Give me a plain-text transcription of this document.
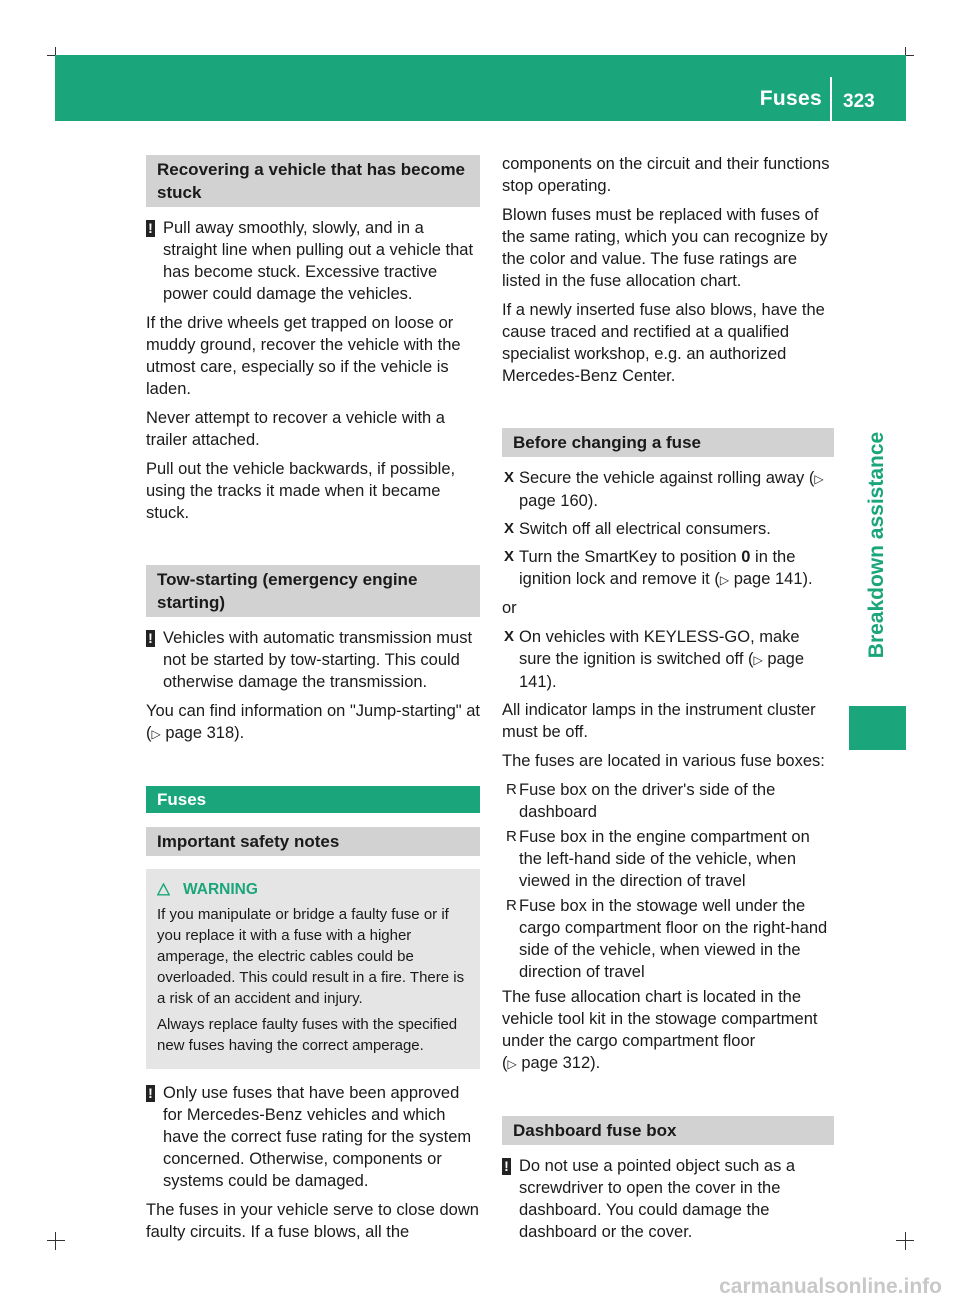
Fuses 323
Breakdown assistance
Recovering a vehicle that has become stuck
! Pull away smoothly, slowly, and in a straight line when pulling out a vehicle that has become stuck. Excessive tractive power could damage the vehicles.

If the drive wheels get trapped on loose or muddy ground, recover the vehicle with the utmost care, especially so if the vehicle is laden.

Never attempt to recover a vehicle with a trailer attached.

Pull out the vehicle backwards, if possible, using the tracks it made when it became stuck.

Tow-starting (emergency engine starting)
! Vehicles with automatic transmission must not be started by tow-starting. This could otherwise damage the transmission.

You can find information on "Jump-starting" at (▷ page 318).

Fuses
Important safety notes
WARNING

If you manipulate or bridge a faulty fuse or if you replace it with a fuse with a higher amperage, the electric cables could be overloaded. This could result in a fire. There is a risk of an accident and injury.

Always replace faulty fuses with the specified new fuses having the correct amperage.

! Only use fuses that have been approved for Mercedes-Benz vehicles and which have the correct fuse rating for the system concerned. Otherwise, components or systems could be damaged.

The fuses in your vehicle serve to close down faulty circuits. If a fuse blows, all the

components on the circuit and their functions stop operating.

Blown fuses must be replaced with fuses of the same rating, which you can recognize by the color and value. The fuse ratings are listed in the fuse allocation chart.

If a newly inserted fuse also blows, have the cause traced and rectified at a qualified specialist workshop, e.g. an authorized Mercedes-Benz Center.

Before changing a fuse
X Secure the vehicle against rolling away (▷ page 160).
X Switch off all electrical consumers.
X Turn the SmartKey to position 0 in the ignition lock and remove it (▷ page 141).

or

X On vehicles with KEYLESS-GO, make sure the ignition is switched off (▷ page 141).

All indicator lamps in the instrument cluster must be off.

The fuses are located in various fuse boxes:

R Fuse box on the driver's side of the dashboard
R Fuse box in the engine compartment on the left-hand side of the vehicle, when viewed in the direction of travel
R Fuse box in the stowage well under the cargo compartment floor on the right-hand side of the vehicle, when viewed in the direction of travel

The fuse allocation chart is located in the vehicle tool kit in the stowage compartment under the cargo compartment floor
(▷ page 312).

Dashboard fuse box
! Do not use a pointed object such as a screwdriver to open the cover in the dashboard. You could damage the dashboard or the cover.
carmanualsonline.info
